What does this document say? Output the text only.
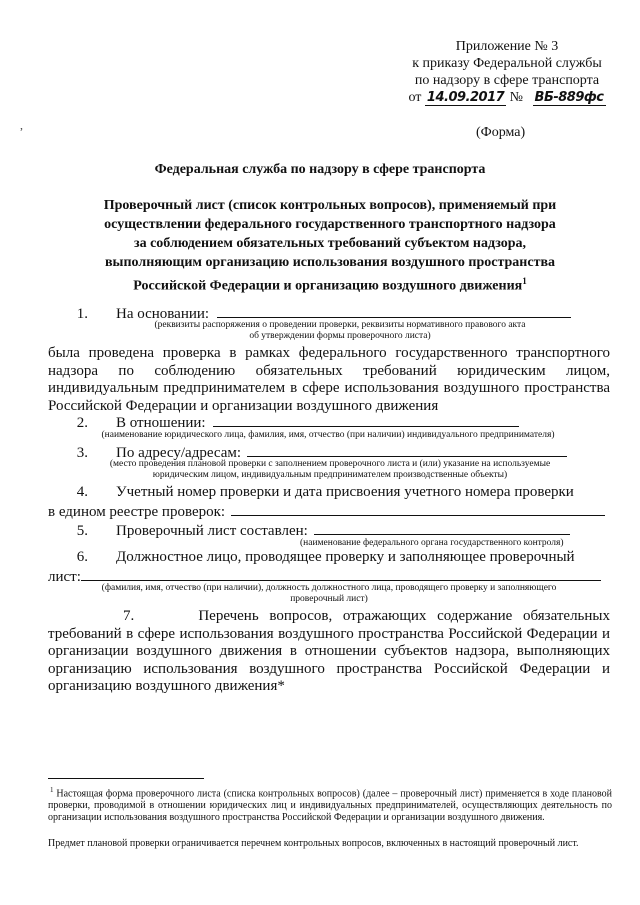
,
Приложение № 3
к приказу Федеральной службы
по надзору в сфере транспорта
от 14.09.2017 № ВБ-889фс
(Форма)
Федеральная служба по надзору в сфере транспорта
Проверочный лист (список контрольных вопросов), применяемый при
осуществлении федерального государственного транспортного надзора
за соблюдением обязательных требований субъектом надзора,
выполняющим организацию использования воздушного пространства
Российской Федерации и организацию воздушного движения$^1$
1. На основании:
(реквизиты распоряжения о проведении проверки, реквизиты нормативного правового акта
об утверждении формы проверочного листа)
была проведена проверка в рамках федерального государственного транспортного надзора по соблюдению обязательных требований юридическим лицом, индивидуальным предпринимателем в сфере использования воздушного пространства Российской Федерации и организации воздушного движения
2. В отношении:
(наименование юридического лица, фамилия, имя, отчество (при наличии) индивидуального предпринимателя)
3. По адресу/адресам:
(место проведения плановой проверки с заполнением проверочного листа и (или) указание на используемые
юридическим лицом, индивидуальным предпринимателем производственные объекты)
4. Учетный номер проверки и дата присвоения учетного номера проверки
в едином реестре проверок:
5. Проверочный лист составлен:
(наименование федерального органа государственного контроля)
6. Должностное лицо, проводящее проверку и заполняющее проверочный
лист:
(фамилия, имя, отчество (при наличии), должность должностного лица, проводящего проверку и заполняющего
проверочный лист)
7.	Перечень вопросов, отражающих содержание обязательных требований в сфере использования воздушного пространства Российской Федерации и организации воздушного движения в отношении субъектов надзора, выполняющих организацию использования воздушного пространства Российской Федерации и организацию воздушного движения*
$^1$ Настоящая форма проверочного листа (списка контрольных вопросов) (далее – проверочный лист) применяется в ходе плановой проверки, проводимой в отношении юридических лиц и индивидуальных предпринимателей, осуществляющих деятельность по организации использования воздушного пространства Российской Федерации и организации воздушного движения.
Предмет плановой проверки ограничивается перечнем контрольных вопросов, включенных в настоящий проверочный лист.
